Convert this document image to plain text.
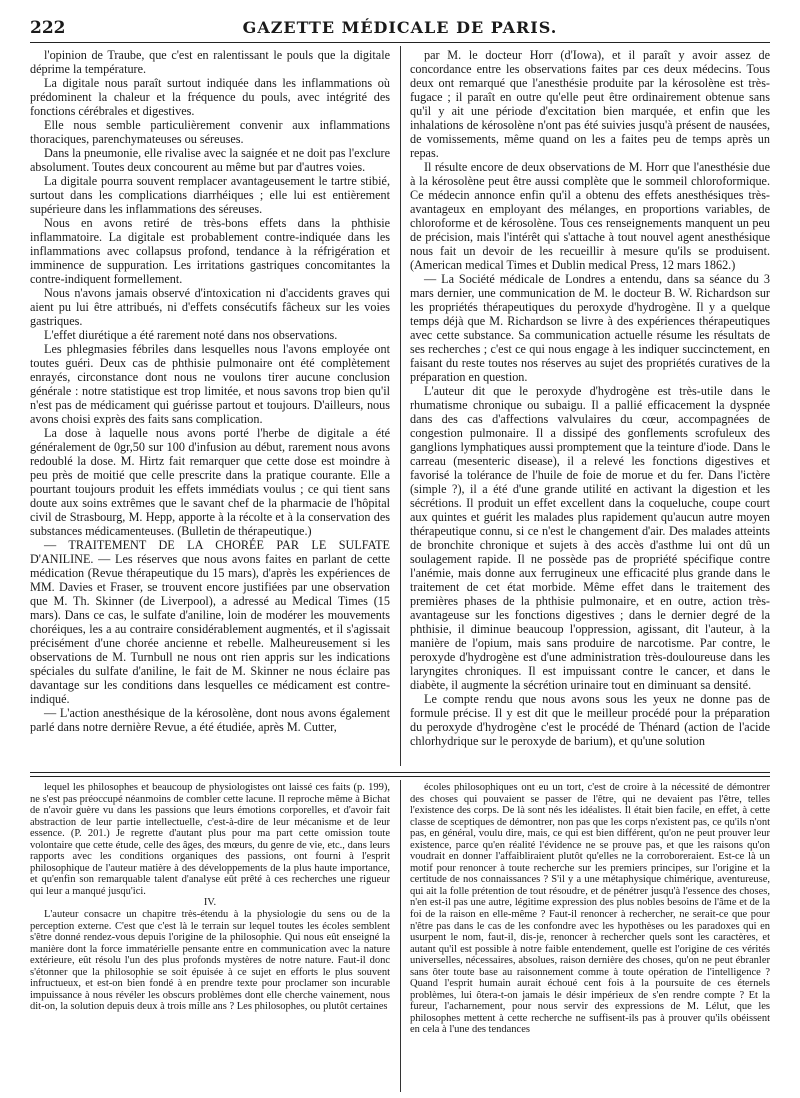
222	GAZETTE MÉDICALE DE PARIS.

l'opinion de Traube, que c'est en ralentissant le pouls que la digitale déprime la température.

La digitale nous paraît surtout indiquée dans les inflammations où prédominent la chaleur et la fréquence du pouls, avec intégrité des fonctions cérébrales et digestives.

Elle nous semble particulièrement convenir aux inflammations thoraciques, parenchymateuses ou séreuses.

Dans la pneumonie, elle rivalise avec la saignée et ne doit pas l'exclure absolument. Toutes deux concourent au même but par d'autres voies.

La digitale pourra souvent remplacer avantageusement le tartre stibié, surtout dans les complications diarrhéiques ; elle lui est entièrement supérieure dans les inflammations des séreuses.

Nous en avons retiré de très-bons effets dans la phthisie inflammatoire. La digitale est probablement contre-indiquée dans les inflammations avec collapsus profond, tendance à la réfrigération et imminence de suppuration. Les irritations gastriques concomitantes la contre-indiquent formellement.

Nous n'avons jamais observé d'intoxication ni d'accidents graves qui aient pu lui être attribués, ni d'effets consécutifs fâcheux sur les voies gastriques.

L'effet diurétique a été rarement noté dans nos observations.

Les phlegmasies fébriles dans lesquelles nous l'avons employée ont toutes guéri. Deux cas de phthisie pulmonaire ont été complètement enrayés, circonstance dont nous ne voulons tirer aucune conclusion générale : notre statistique est trop limitée, et nous savons trop bien qu'il n'est pas de médicament qui guérisse partout et toujours. D'ailleurs, nous avons choisi exprès des faits sans complication.

La dose à laquelle nous avons porté l'herbe de digitale a été généralement de 0gr,50 sur 100 d'infusion au début, rarement nous avons redoublé la dose. M. Hirtz fait remarquer que cette dose est moindre à peu près de moitié que celle prescrite dans la pratique courante. Elle a pourtant toujours produit les effets immédiats voulus ; ce qui tient sans doute aux soins extrêmes que le savant chef de la pharmacie de l'hôpital civil de Strasbourg, M. Hepp, apporte à la récolte et à la conservation des substances médicamenteuses. (Bulletin de thérapeutique.)

— TRAITEMENT DE LA CHORÉE PAR LE SULFATE D'ANILINE. — Les réserves que nous avons faites en parlant de cette médication (Revue thérapeutique du 15 mars), d'après les expériences de MM. Davies et Fraser, se trouvent encore justifiées par une observation que M. Th. Skinner (de Liverpool), a adressé au Medical Times (15 mars). Dans ce cas, le sulfate d'aniline, loin de modérer les mouvements choréiques, les a au contraire considérablement augmentés, et il s'agissait précisément d'une chorée ancienne et rebelle. Malheureusement si les observations de M. Turnbull ne nous ont rien appris sur les indications spéciales du sulfate d'aniline, le fait de M. Skinner ne nous éclaire pas davantage sur les conditions dans lesquelles ce médicament est contre-indiqué.

— L'action anesthésique de la kérosolène, dont nous avons également parlé dans notre dernière Revue, a été étudiée, après M. Cutter,

par M. le docteur Horr (d'Iowa), et il paraît y avoir assez de concordance entre les observations faites par ces deux médecins. Tous deux ont remarqué que l'anesthésie produite par la kérosolène est très-fugace ; il paraît en outre qu'elle peut être ordinairement obtenue sans qu'il y ait une période d'excitation bien marquée, et enfin que les inhalations de kérosolène n'ont pas été suivies jusqu'à présent de nausées, de vomissements, même quand on les a faites peu de temps après un repas.

Il résulte encore de deux observations de M. Horr que l'anesthésie due à la kérosolène peut être aussi complète que le sommeil chloroformique. Ce médecin annonce enfin qu'il a obtenu des effets anesthésiques très-avantageux en employant des mélanges, en proportions variables, de chloroforme et de kérosolène. Tous ces renseignements manquent un peu de précision, mais l'intérêt qui s'attache à tout nouvel agent anesthésique nous fait un devoir de les recueillir à mesure qu'ils se produisent. (American medical Times et Dublin medical Press, 12 mars 1862.)

— La Société médicale de Londres a entendu, dans sa séance du 3 mars dernier, une communication de M. le docteur B. W. Richardson sur les propriétés thérapeutiques du peroxyde d'hydrogène. Il y a quelque temps déjà que M. Richardson se livre à des expériences thérapeutiques avec cette substance. Sa communication actuelle résume les résultats de ses recherches ; c'est ce qui nous engage à les indiquer succinctement, en faisant du reste toutes nos réserves au sujet des propriétés curatives de la préparation en question.

L'auteur dit que le peroxyde d'hydrogène est très-utile dans le rhumatisme chronique ou subaigu. Il a pallié efficacement la dyspnée dans des cas d'affections valvulaires du cœur, accompagnées de congestion pulmonaire. Il a dissipé des gonflements scrofuleux des ganglions lymphatiques aussi promptement que la teinture d'iode. Dans le carreau (mesenteric disease), il a relevé les fonctions digestives et favorisé la tolérance de l'huile de foie de morue et du fer. Dans l'ictère (simple ?), il a été d'une grande utilité en activant la digestion et les sécrétions. Il produit un effet excellent dans la coqueluche, coupe court aux quintes et guérit les malades plus rapidement qu'aucun autre moyen thérapeutique connu, si ce n'est le changement d'air. Des malades atteints de bronchite chronique et sujets à des accès d'asthme lui ont dû un soulagement rapide. Il ne possède pas de propriété spécifique contre l'anémie, mais donne aux ferrugineux une efficacité plus grande dans le traitement de cet état morbide. Même effet dans le traitement des premières phases de la phthisie pulmonaire, et en outre, action très-avantageuse sur les fonctions digestives ; dans le dernier degré de la phthisie, il diminue beaucoup l'oppression, agissant, dit l'auteur, à la manière de l'opium, mais sans produire de narcotisme. Par contre, le peroxyde d'hydrogène est d'une administration très-douloureuse dans les laryngites chroniques. Il est impuissant contre le cancer, et dans le diabète, il augmente la sécrétion urinaire tout en diminuant sa densité.

Le compte rendu que nous avons sous les yeux ne donne pas de formule précise. Il y est dit que le meilleur procédé pour la préparation du peroxyde d'hydrogène c'est le procédé de Thénard (action de l'acide chlorhydrique sur le peroxyde de barium), et qu'une solution

lequel les philosophes et beaucoup de physiologistes ont laissé ces faits (p. 199), ne s'est pas préoccupé néanmoins de combler cette lacune. Il reproche même à Bichat de n'avoir guère vu dans les passions que leurs émotions corporelles, et d'avoir fait abstraction de leur partie intellectuelle, c'est-à-dire de leur mécanisme et de leur essence. (P. 201.) Je regrette d'autant plus pour ma part cette omission toute volontaire que cette étude, celle des âges, des mœurs, du genre de vie, etc., dans leurs rapports avec les conditions organiques des passions, ont fourni à l'esprit philosophique de l'auteur matière à des développements de la plus haute importance, et qu'enfin son remarquable talent d'analyse eût prêté à ces recherches une rigueur qui leur a manqué jusqu'ici.

IV.

L'auteur consacre un chapitre très-étendu à la physiologie du sens ou de la perception externe. C'est que c'est là le terrain sur lequel toutes les écoles semblent s'être donné rendez-vous depuis l'origine de la philosophie. Qui nous eût enseigné la manière dont la force immatérielle pensante entre en communication avec la nature extérieure, eût résolu l'un des plus profonds mystères de notre nature. Faut-il donc s'étonner que la philosophie se soit épuisée à ce sujet en efforts le plus souvent infructueux, et est-on bien fondé à en prendre texte pour proclamer son incurable impuissance à nous révéler les obscurs problèmes dont elle cherche vainement, nous dit-on, la solution depuis deux à trois mille ans ? Les philosophes, ou plutôt certaines

écoles philosophiques ont eu un tort, c'est de croire à la nécessité de démontrer des choses qui pouvaient se passer de l'être, qui ne devaient pas l'être, telles l'existence des corps. De là sont nés les idéalistes. Il était bien facile, en effet, à cette classe de sceptiques de démontrer, non pas que les corps n'existent pas, ce qu'ils n'ont pas, en général, voulu dire, mais, ce qui est bien différent, qu'on ne peut prouver leur existence, parce qu'en réalité l'évidence ne se prouve pas, et que les raisons qu'on voudrait en donner l'affaibliraient plutôt qu'elles ne la corroboreraient. Est-ce là un motif pour renoncer à toute recherche sur les premiers principes, sur l'origine et la certitude de nos connaissances ? S'il y a une métaphysique chimérique, aventureuse, qui ait la folle prétention de tout résoudre, et de pénétrer jusqu'à l'essence des choses, n'en est-il pas une autre, légitime expression des plus nobles besoins de l'âme et de la foi de la raison en elle-même ? Faut-il renoncer à rechercher, ne serait-ce que pour n'être pas dans le cas de les confondre avec les hypothèses ou les paradoxes qui en usurpent le nom, faut-il, dis-je, renoncer à rechercher quels sont les caractères, et autant qu'il est possible à notre faible entendement, quelle est l'origine de ces vérités universelles, nécessaires, absolues, raison dernière des choses, qu'on ne peut ébranler sans ôter toute base au raisonnement comme à toute opération de l'intelligence ? Quand l'esprit humain aurait échoué cent fois à la poursuite de ces éternels problèmes, lui ôtera-t-on jamais le désir impérieux de s'en rendre compte ? Et la fureur, l'acharnement, pour nous servir des expressions de M. Lélut, que les philosophes mettent à cette recherche ne suffisent-ils pas à prouver qu'ils obéissent en cela à l'une des tendances
